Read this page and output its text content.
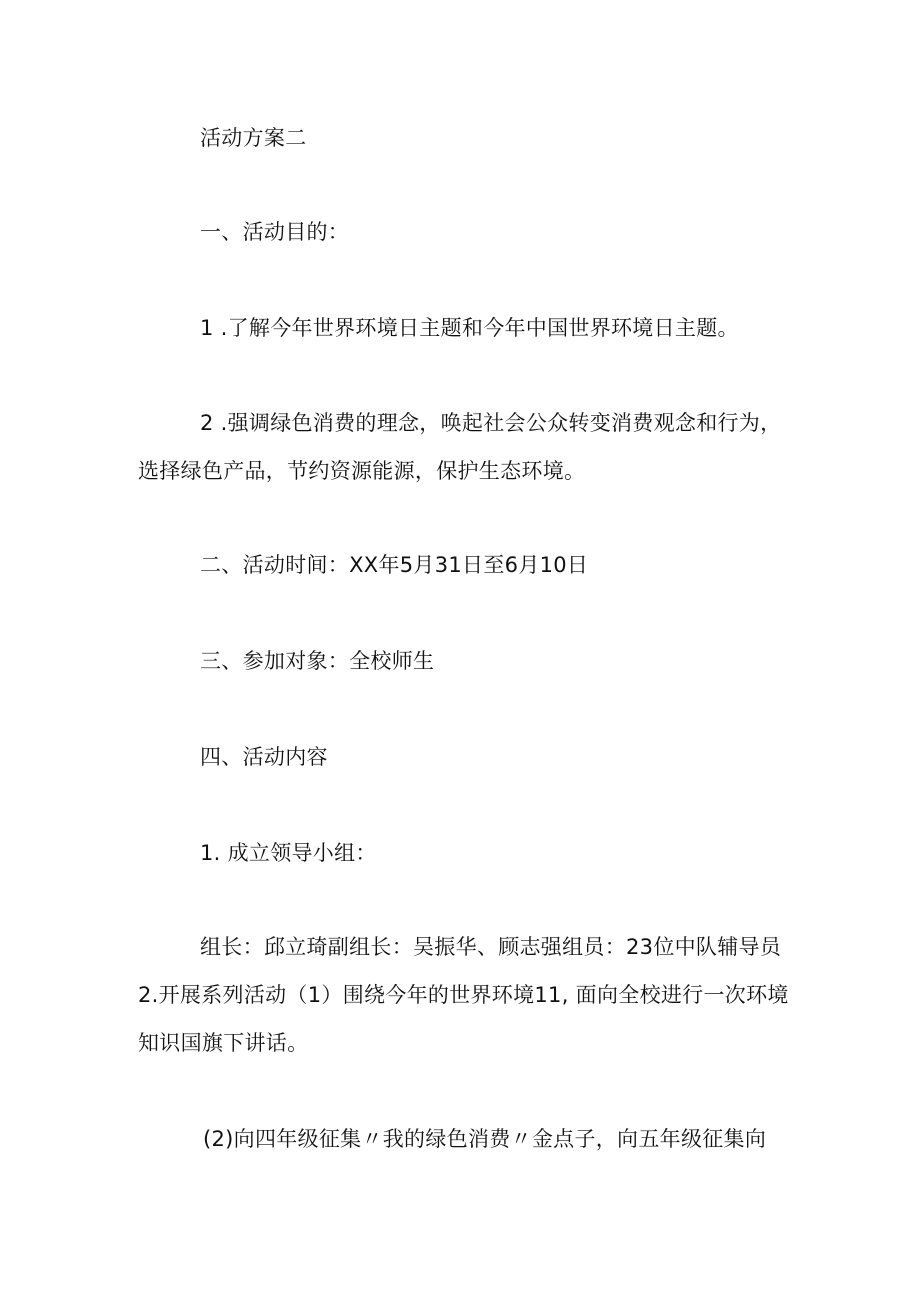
活动方案二
一、活动目的：
1 .了解今年世界环境日主题和今年中国世界环境日主题。
2 .强调绿色消费的理念，唤起社会公众转变消费观念和行为，
选择绿色产品，节约资源能源，保护生态环境。
二、活动时间：XX年5月31日至6月10日
三、参加对象：全校师生
四、活动内容
1. 成立领导小组：
组长：邱立琦副组长：吴振华、顾志强组员：23位中队辅导员
2.开展系列活动（1）围绕今年的世界环境11, 面向全校进行一次环境
知识国旗下讲话。
(2)向四年级征集〃我的绿色消费〃金点子，向五年级征集向
